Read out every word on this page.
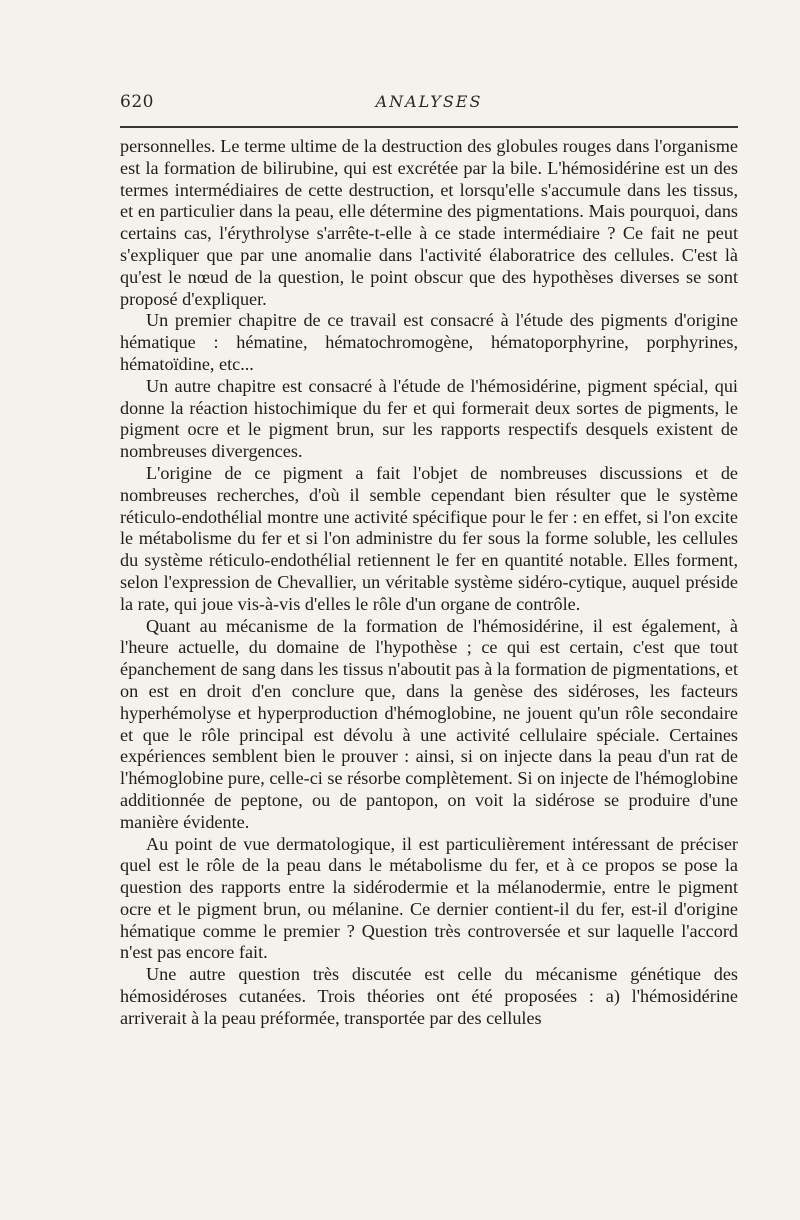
620	ANALYSES

personnelles. Le terme ultime de la destruction des globules rouges dans l'organisme est la formation de bilirubine, qui est excrétée par la bile. L'hémosidérine est un des termes intermédiaires de cette destruction, et lorsqu'elle s'accumule dans les tissus, et en particulier dans la peau, elle détermine des pigmentations. Mais pourquoi, dans certains cas, l'érythrolyse s'arrête-t-elle à ce stade intermédiaire ? Ce fait ne peut s'expliquer que par une anomalie dans l'activité élaboratrice des cellules. C'est là qu'est le nœud de la question, le point obscur que des hypothèses diverses se sont proposé d'expliquer.

Un premier chapitre de ce travail est consacré à l'étude des pigments d'origine hématique : hématine, hématochromogène, hématoporphyrine, porphyrines, hématoïdine, etc...

Un autre chapitre est consacré à l'étude de l'hémosidérine, pigment spécial, qui donne la réaction histochimique du fer et qui formerait deux sortes de pigments, le pigment ocre et le pigment brun, sur les rapports respectifs desquels existent de nombreuses divergences.

L'origine de ce pigment a fait l'objet de nombreuses discussions et de nombreuses recherches, d'où il semble cependant bien résulter que le système réticulo-endothélial montre une activité spécifique pour le fer : en effet, si l'on excite le métabolisme du fer et si l'on administre du fer sous la forme soluble, les cellules du système réticulo-endothélial retiennent le fer en quantité notable. Elles forment, selon l'expression de Chevallier, un véritable système sidéro-cytique, auquel préside la rate, qui joue vis-à-vis d'elles le rôle d'un organe de contrôle.

Quant au mécanisme de la formation de l'hémosidérine, il est également, à l'heure actuelle, du domaine de l'hypothèse ; ce qui est certain, c'est que tout épanchement de sang dans les tissus n'aboutit pas à la formation de pigmentations, et on est en droit d'en conclure que, dans la genèse des sidéroses, les facteurs hyperhémolyse et hyperproduction d'hémoglobine, ne jouent qu'un rôle secondaire et que le rôle principal est dévolu à une activité cellulaire spéciale. Certaines expériences semblent bien le prouver : ainsi, si on injecte dans la peau d'un rat de l'hémoglobine pure, celle-ci se résorbe complètement. Si on injecte de l'hémoglobine additionnée de peptone, ou de pantopon, on voit la sidérose se produire d'une manière évidente.

Au point de vue dermatologique, il est particulièrement intéressant de préciser quel est le rôle de la peau dans le métabolisme du fer, et à ce propos se pose la question des rapports entre la sidérodermie et la mélanodermie, entre le pigment ocre et le pigment brun, ou mélanine. Ce dernier contient-il du fer, est-il d'origine hématique comme le premier ? Question très controversée et sur laquelle l'accord n'est pas encore fait.

Une autre question très discutée est celle du mécanisme génétique des hémosidéroses cutanées. Trois théories ont été proposées : a) l'hémosidérine arriverait à la peau préformée, transportée par des cellules
